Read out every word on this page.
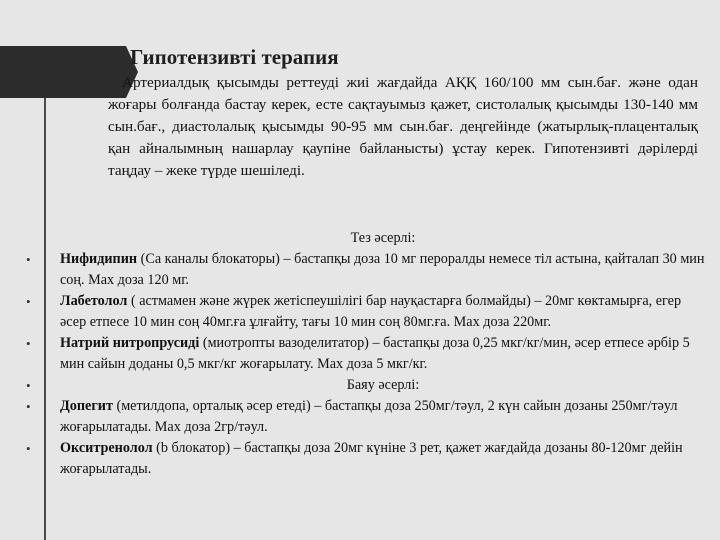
Гипотензивті терапия

Артериалдық қысымды реттеуді жиі жағдайда АҚҚ 160/100 мм сын.бағ. және одан жоғары болғанда бастау керек, есте сақтауымыз қажет, систолалық қысымды 130-140 мм сын.бағ., диастолалық қысымды 90-95 мм сын.бағ. деңгейінде (жатырлық-плаценталық қан айналымның нашарлау қаупіне байланысты) ұстау керек. Гипотензивті дәрілерді таңдау – жеке түрде шешіледі.

Тез әсерлі:
• Нифидипин (Са каналы блокаторы) – бастапқы доза 10 мг пероралды немесе тіл астына, қайталап 30 мин соң. Max доза 120 мг.
• Лабетолол ( астмамен және жүрек жетіспеушілігі бар науқастарға болмайды) – 20мг көктамырға, егер әсер етпесе 10 мин соң 40мг.ға ұлғайту, тағы 10 мин соң 80мг.ға. Max доза 220мг.
• Натрий нитропрусиді (миотропты вазоделитатор) – бастапқы доза 0,25 мкг/кг/мин, әсер етпесе әрбір 5 мин сайын доданы 0,5 мкг/кг жоғарылату. Max доза 5 мкг/кг.
•	Баяу әсерлі:
• Допегит (метилдопа, орталық әсер етеді) – бастапқы доза 250мг/тәул, 2 күн сайын дозаны 250мг/тәул жоғарылатады. Max доза 2гр/тәул.
• Окситренолол (b блокатор) – бастапқы доза 20мг күніне 3 рет, қажет жағдайда дозаны 80-120мг дейін жоғарылатады.
